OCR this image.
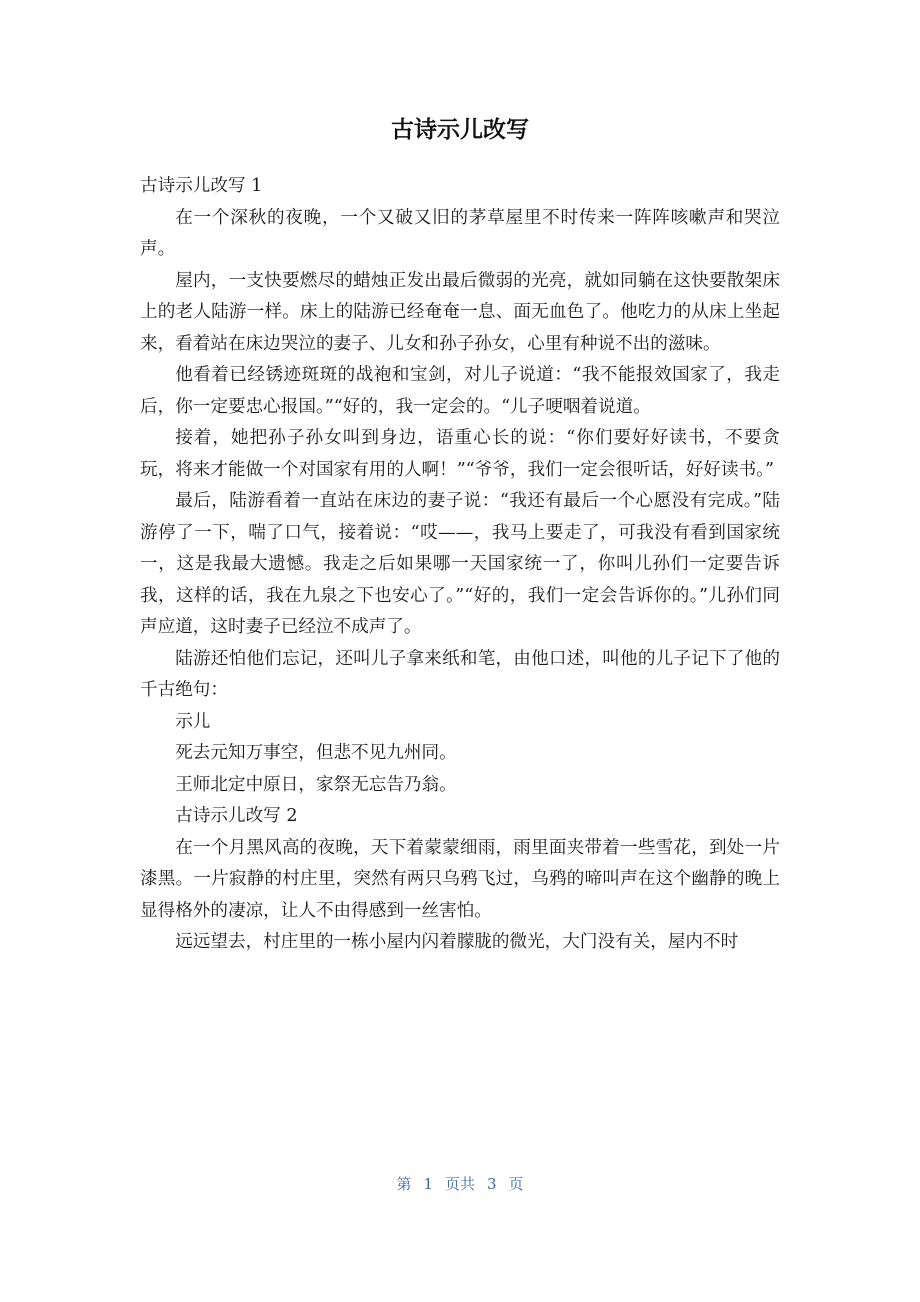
古诗示儿改写

古诗示儿改写 1

在一个深秋的夜晚，一个又破又旧的茅草屋里不时传来一阵阵咳嗽声和哭泣声。

屋内，一支快要燃尽的蜡烛正发出最后微弱的光亮，就如同躺在这快要散架床上的老人陆游一样。床上的陆游已经奄奄一息、面无血色了。他吃力的从床上坐起来，看着站在床边哭泣的妻子、儿女和孙子孙女，心里有种说不出的滋味。

他看着已经锈迹斑斑的战袍和宝剑，对儿子说道：“我不能报效国家了，我走后，你一定要忠心报国。”“好的，我一定会的。“儿子哽咽着说道。

接着，她把孙子孙女叫到身边，语重心长的说：“你们要好好读书，不要贪玩，将来才能做一个对国家有用的人啊！”“爷爷，我们一定会很听话，好好读书。”

最后，陆游看着一直站在床边的妻子说：“我还有最后一个心愿没有完成。”陆游停了一下，喘了口气，接着说：“哎——，我马上要走了，可我没有看到国家统一，这是我最大遗憾。我走之后如果哪一天国家统一了，你叫儿孙们一定要告诉我，这样的话，我在九泉之下也安心了。”“好的，我们一定会告诉你的。”儿孙们同声应道，这时妻子已经泣不成声了。

陆游还怕他们忘记，还叫儿子拿来纸和笔，由他口述，叫他的儿子记下了他的千古绝句：

示儿

死去元知万事空，但悲不见九州同。

王师北定中原日，家祭无忘告乃翁。

古诗示儿改写 2

在一个月黑风高的夜晚，天下着蒙蒙细雨，雨里面夹带着一些雪花，到处一片漆黑。一片寂静的村庄里，突然有两只乌鸦飞过，乌鸦的啼叫声在这个幽静的晚上显得格外的凄凉，让人不由得感到一丝害怕。

远远望去，村庄里的一栋小屋内闪着朦胧的微光，大门没有关，屋内不时

第 1 页共 3 页
